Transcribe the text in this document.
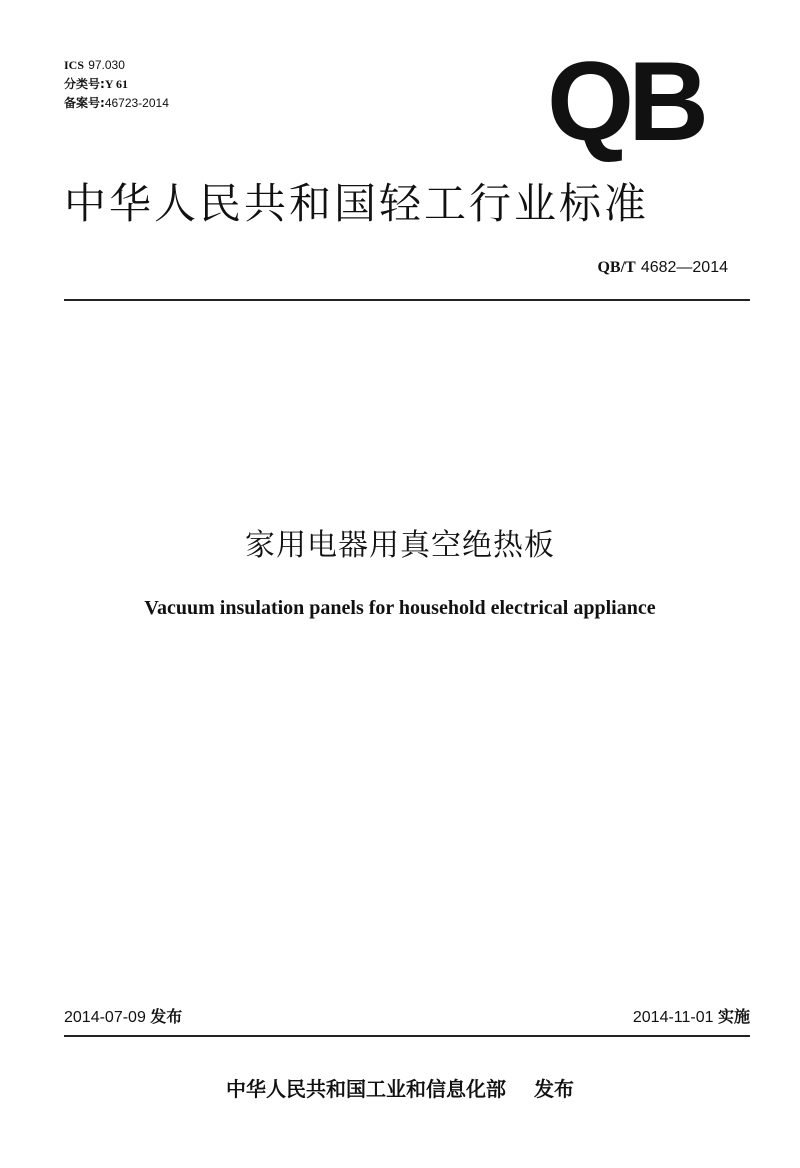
ICS 97.030
分类号:Y 61
备案号:46723-2014	QB
中华人民共和国轻工行业标准
QB/T 4682—2014
家用电器用真空绝热板
Vacuum insulation panels for household electrical appliance
2014-07-09 发布	2014-11-01 实施
中华人民共和国工业和信息化部 发布
